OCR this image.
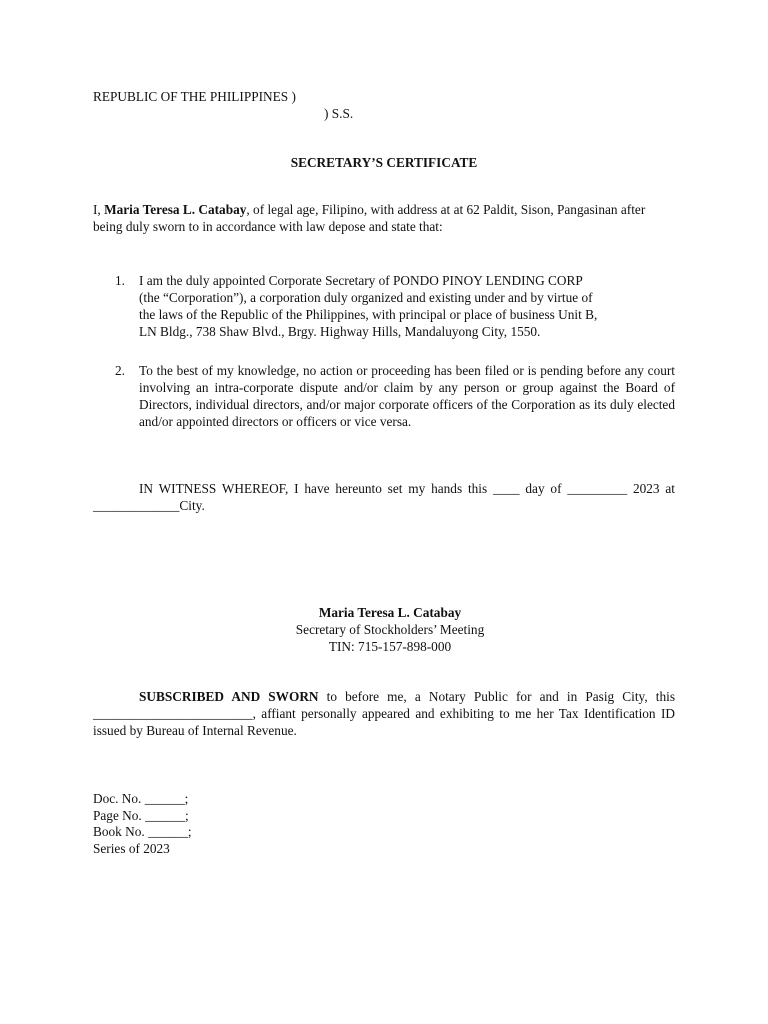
REPUBLIC OF THE PHILIPPINES )
) S.S.
SECRETARY’S CERTIFICATE
I, Maria Teresa L. Catabay, of legal age, Filipino, with address at at 62 Paldit, Sison, Pangasinan after being duly sworn to in accordance with law depose and state that:
1.	I am the duly appointed Corporate Secretary of PONDO PINOY LENDING CORP
(the “Corporation”), a corporation duly organized and existing under and by virtue of
the laws of the Republic of the Philippines, with principal or place of business Unit B,
LN Bldg., 738 Shaw Blvd., Brgy. Highway Hills, Mandaluyong City, 1550.
2.	To the best of my knowledge, no action or proceeding has been filed or is pending before any court involving an intra-corporate dispute and/or claim by any person or group against the Board of Directors, individual directors, and/or major corporate officers of the Corporation as its duly elected and/or appointed directors or officers or vice versa.
IN WITNESS WHEREOF, I have hereunto set my hands this ____ day of _________ 2023 at _____________City.
Maria Teresa L. Catabay
Secretary of Stockholders’ Meeting
TIN: 715-157-898-000
SUBSCRIBED AND SWORN to before me, a Notary Public for and in Pasig City, this ________________________, affiant personally appeared and exhibiting to me her Tax Identification ID issued by Bureau of Internal Revenue.
Doc. No. ______;
Page No. ______;
Book No. ______;
Series of 2023
